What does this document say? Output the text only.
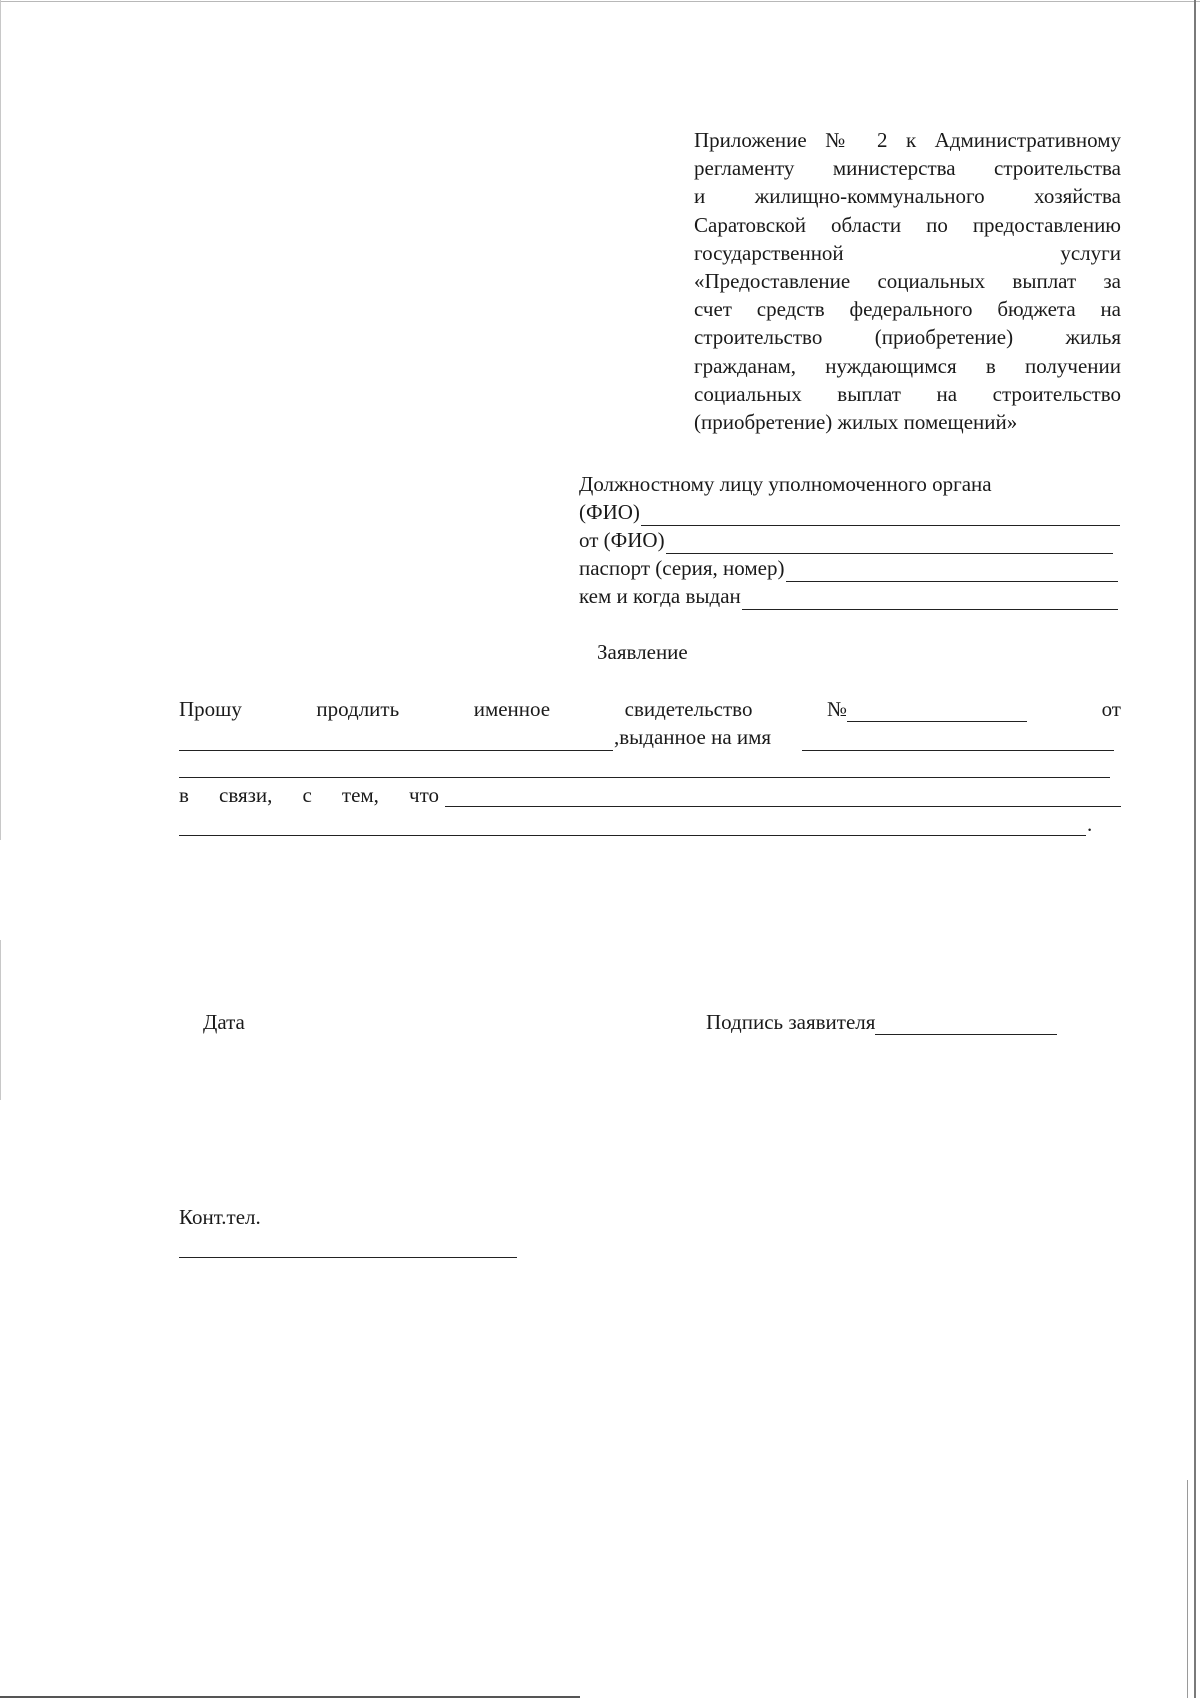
Приложение № 2 к Административному
регламенту министерства строительства
и жилищно-коммунального хозяйства
Саратовской области по предоставлению
государственной услуги
«Предоставление социальных выплат за
счет средств федерального бюджета на
строительство (приобретение) жилья
гражданам, нуждающимся в получении
социальных выплат на строительство
(приобретение) жилых помещений»
Должностному лицу уполномоченного органа
(ФИО)
от (ФИО)
паспорт (серия, номер)
кем и когда выдан
Заявление
Прошу	продлить	именное	свидетельство	№	от
,выданное на имя
в связи, с тем, что
.
Дата	Подпись заявителя
Конт.тел.
